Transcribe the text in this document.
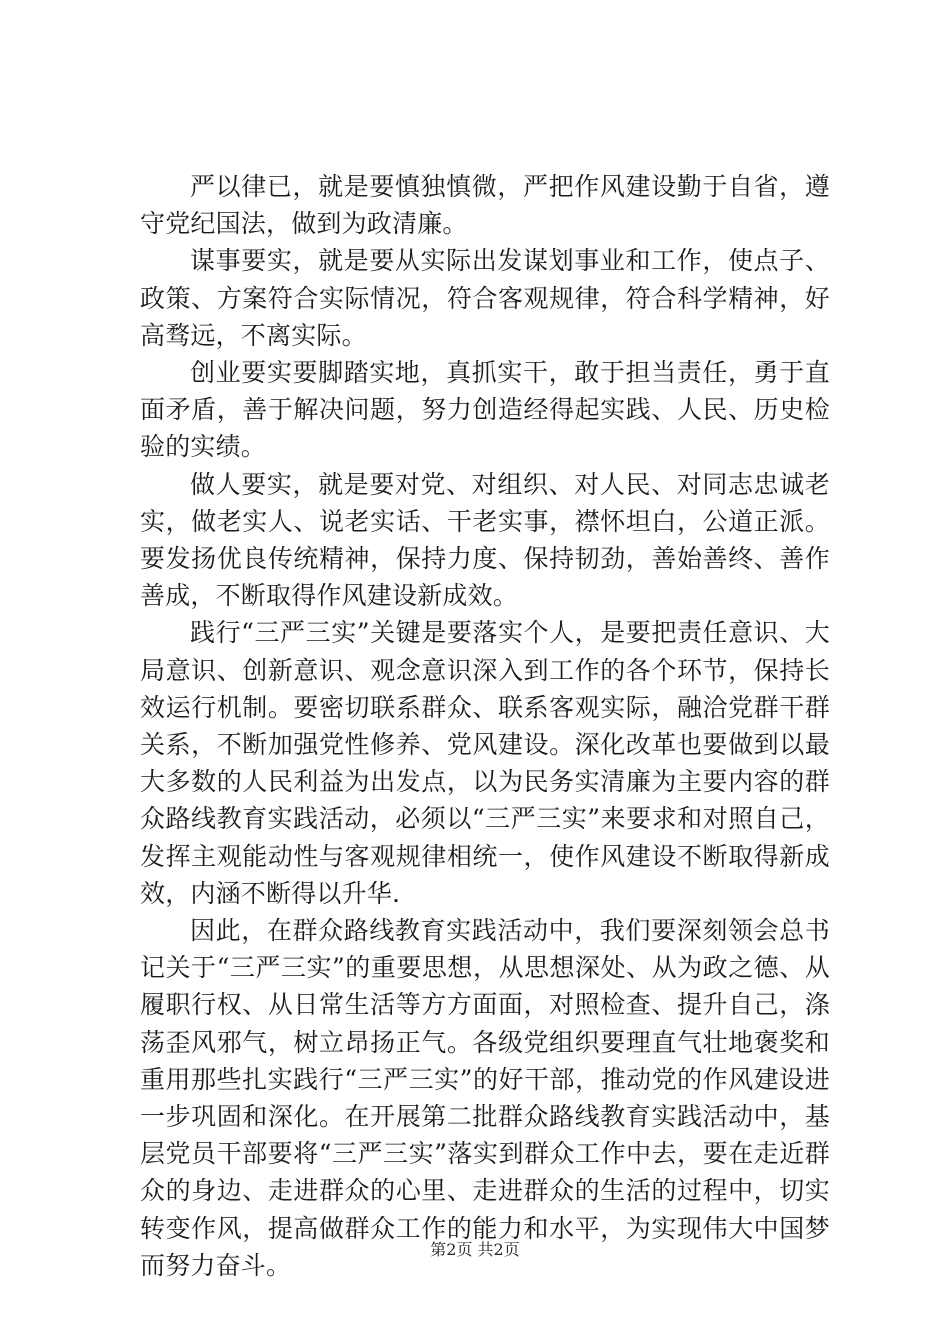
严以律已，就是要慎独慎微，严把作风建设勤于自省，遵守党纪国法，做到为政清廉。

谋事要实，就是要从实际出发谋划事业和工作，使点子、政策、方案符合实际情况，符合客观规律，符合科学精神，好高骛远，不离实际。

创业要实要脚踏实地，真抓实干，敢于担当责任，勇于直面矛盾，善于解决问题，努力创造经得起实践、人民、历史检验的实绩。

做人要实，就是要对党、对组织、对人民、对同志忠诚老实，做老实人、说老实话、干老实事，襟怀坦白，公道正派。要发扬优良传统精神，保持力度、保持韧劲，善始善终、善作善成，不断取得作风建设新成效。

践行“三严三实”关键是要落实个人，是要把责任意识、大局意识、创新意识、观念意识深入到工作的各个环节，保持长效运行机制。要密切联系群众、联系客观实际，融洽党群干群关系，不断加强党性修养、党风建设。深化改革也要做到以最大多数的人民利益为出发点，以为民务实清廉为主要内容的群众路线教育实践活动，必须以“三严三实”来要求和对照自己，发挥主观能动性与客观规律相统一，使作风建设不断取得新成效，内涵不断得以升华.

因此，在群众路线教育实践活动中，我们要深刻领会总书记关于“三严三实”的重要思想，从思想深处、从为政之德、从履职行权、从日常生活等方方面面，对照检查、提升自己，涤荡歪风邪气，树立昂扬正气。各级党组织要理直气壮地褒奖和重用那些扎实践行“三严三实”的好干部，推动党的作风建设进一步巩固和深化。在开展第二批群众路线教育实践活动中，基层党员干部要将“三严三实”落实到群众工作中去，要在走近群众的身边、走进群众的心里、走进群众的生活的过程中，切实转变作风，提高做群众工作的能力和水平，为实现伟大中国梦而努力奋斗。

第2页 共2页
